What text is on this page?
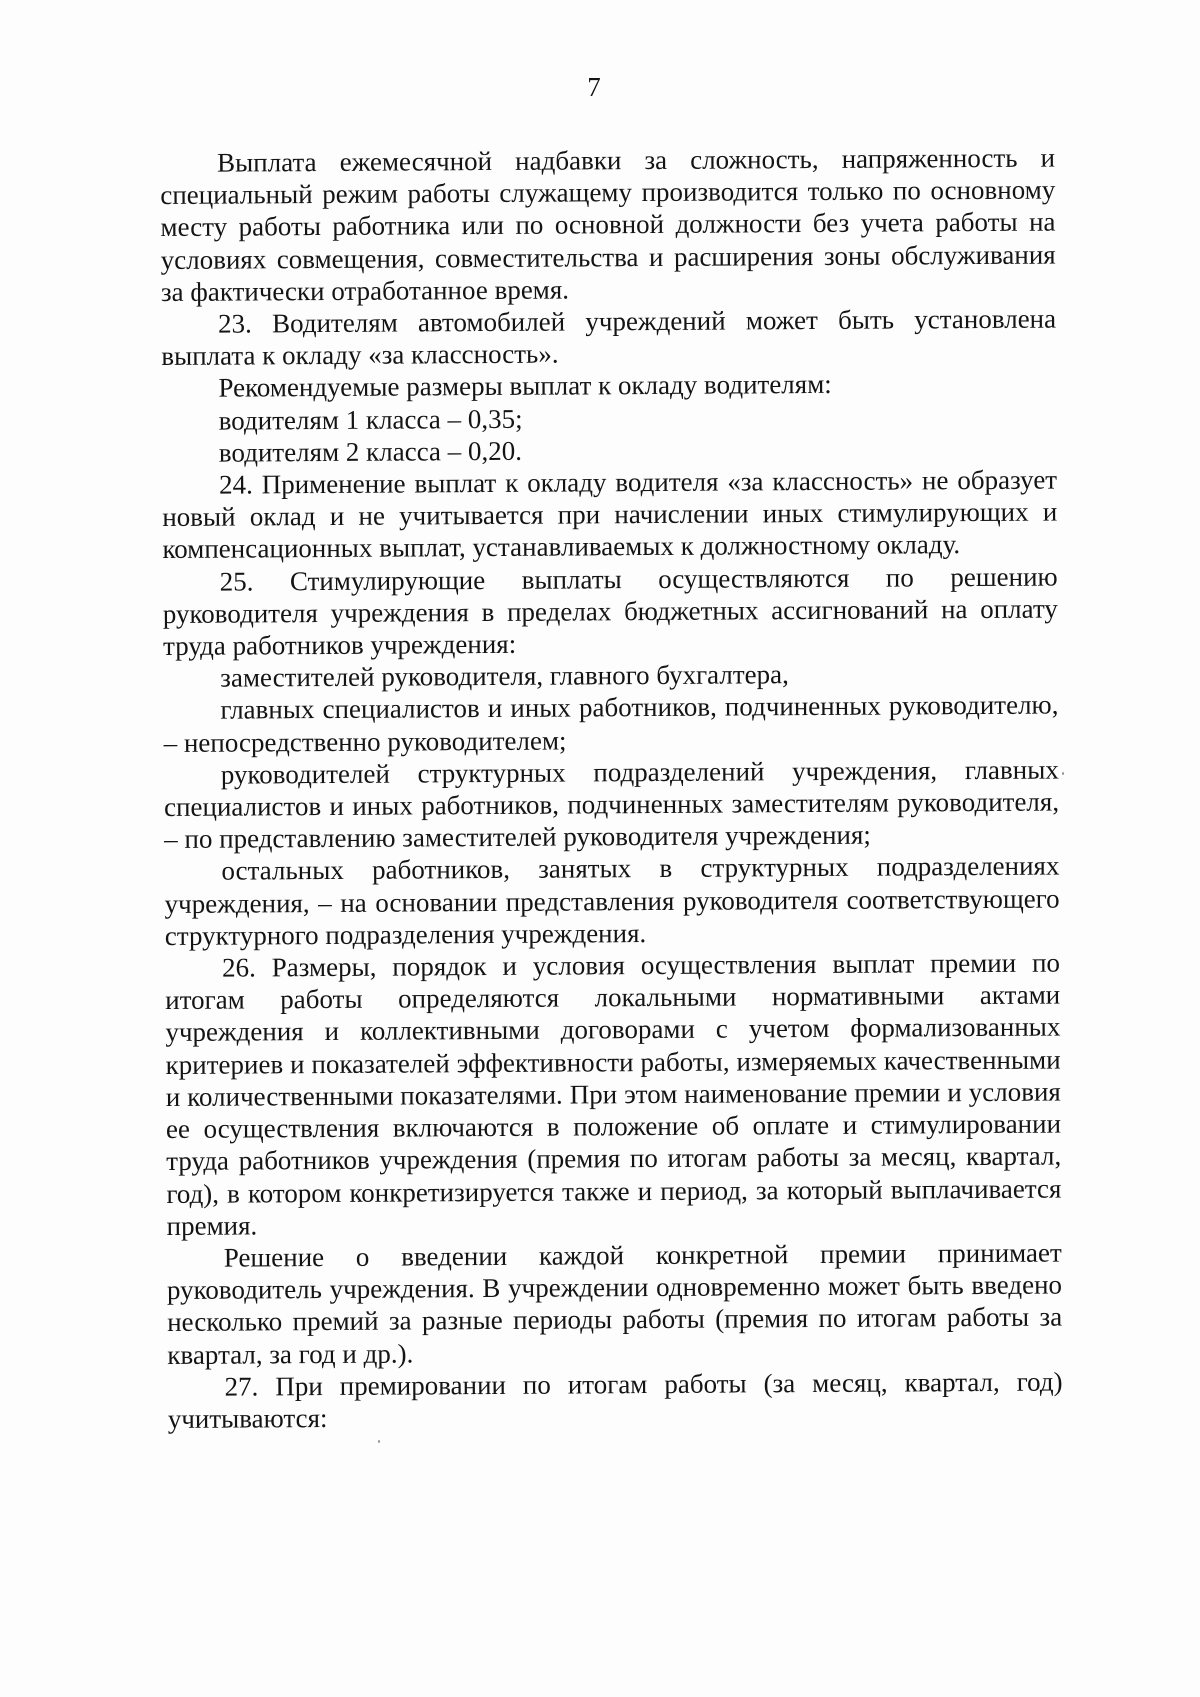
7

Выплата ежемесячной надбавки за сложность, напряженность и специальный режим работы служащему производится только по основному месту работы работника или по основной должности без учета работы на условиях совмещения, совместительства и расширения зоны обслуживания за фактически отработанное время.

23. Водителям автомобилей учреждений может быть установлена выплата к окладу «за классность».

Рекомендуемые размеры выплат к окладу водителям:

водителям 1 класса – 0,35;

водителям 2 класса – 0,20.

24. Применение выплат к окладу водителя «за классность» не образует новый оклад и не учитывается при начислении иных стимулирующих и компенсационных выплат, устанавливаемых к должностному окладу.

25. Стимулирующие выплаты осуществляются по решению руководителя учреждения в пределах бюджетных ассигнований на оплату труда работников учреждения:

заместителей руководителя, главного бухгалтера,

главных специалистов и иных работников, подчиненных руководителю, – непосредственно руководителем;

руководителей структурных подразделений учреждения, главных специалистов и иных работников, подчиненных заместителям руководителя, – по представлению заместителей руководителя учреждения;

остальных работников, занятых в структурных подразделениях учреждения, – на основании представления руководителя соответствующего структурного подразделения учреждения.

26. Размеры, порядок и условия осуществления выплат премии по итогам работы определяются локальными нормативными актами учреждения и коллективными договорами с учетом формализованных критериев и показателей эффективности работы, измеряемых качественными и количественными показателями. При этом наименование премии и условия ее осуществления включаются в положение об оплате и стимулировании труда работников учреждения (премия по итогам работы за месяц, квартал, год), в котором конкретизируется также и период, за который выплачивается премия.

Решение о введении каждой конкретной премии принимает руководитель учреждения. В учреждении одновременно может быть введено несколько премий за разные периоды работы (премия по итогам работы за квартал, за год и др.).

27. При премировании по итогам работы (за месяц, квартал, год) учитываются:
